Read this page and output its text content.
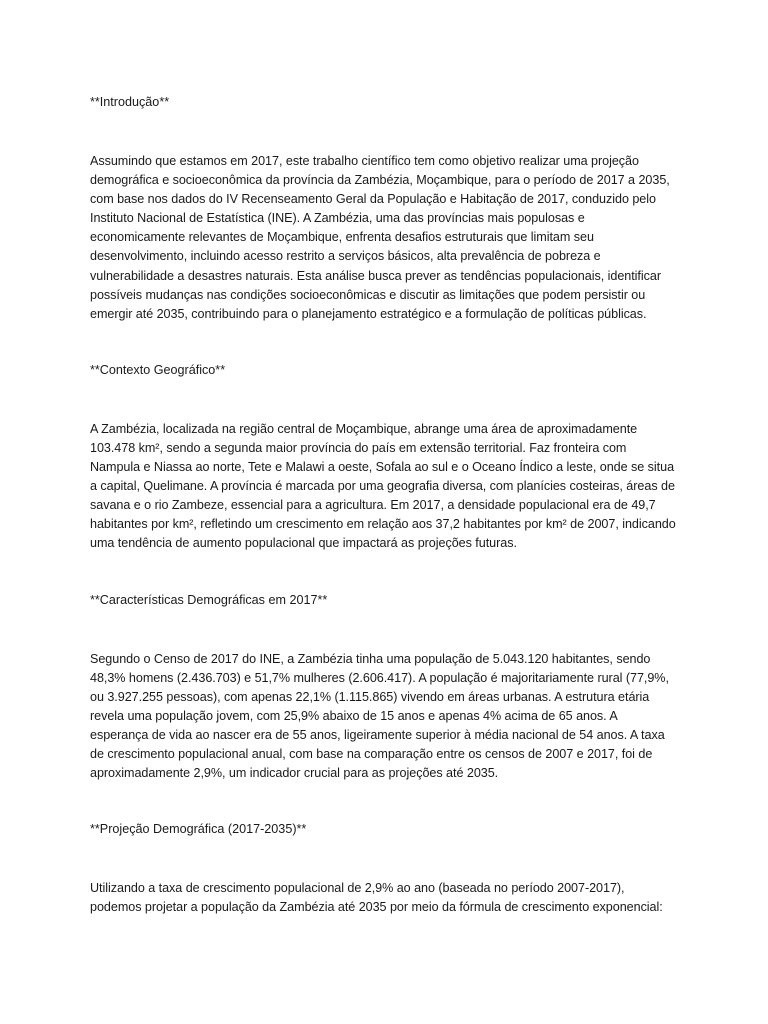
**Introdução**

Assumindo que estamos em 2017, este trabalho científico tem como objetivo realizar uma projeção demográfica e socioeconômica da província da Zambézia, Moçambique, para o período de 2017 a 2035, com base nos dados do IV Recenseamento Geral da População e Habitação de 2017, conduzido pelo Instituto Nacional de Estatística (INE). A Zambézia, uma das províncias mais populosas e economicamente relevantes de Moçambique, enfrenta desafios estruturais que limitam seu desenvolvimento, incluindo acesso restrito a serviços básicos, alta prevalência de pobreza e vulnerabilidade a desastres naturais. Esta análise busca prever as tendências populacionais, identificar possíveis mudanças nas condições socioeconômicas e discutir as limitações que podem persistir ou emergir até 2035, contribuindo para o planejamento estratégico e a formulação de políticas públicas.

**Contexto Geográfico**

A Zambézia, localizada na região central de Moçambique, abrange uma área de aproximadamente 103.478 km², sendo a segunda maior província do país em extensão territorial. Faz fronteira com Nampula e Niassa ao norte, Tete e Malawi a oeste, Sofala ao sul e o Oceano Índico a leste, onde se situa a capital, Quelimane. A província é marcada por uma geografia diversa, com planícies costeiras, áreas de savana e o rio Zambeze, essencial para a agricultura. Em 2017, a densidade populacional era de 49,7 habitantes por km², refletindo um crescimento em relação aos 37,2 habitantes por km² de 2007, indicando uma tendência de aumento populacional que impactará as projeções futuras.

**Características Demográficas em 2017**

Segundo o Censo de 2017 do INE, a Zambézia tinha uma população de 5.043.120 habitantes, sendo 48,3% homens (2.436.703) e 51,7% mulheres (2.606.417). A população é majoritariamente rural (77,9%, ou 3.927.255 pessoas), com apenas 22,1% (1.115.865) vivendo em áreas urbanas. A estrutura etária revela uma população jovem, com 25,9% abaixo de 15 anos e apenas 4% acima de 65 anos. A esperança de vida ao nascer era de 55 anos, ligeiramente superior à média nacional de 54 anos. A taxa de crescimento populacional anual, com base na comparação entre os censos de 2007 e 2017, foi de aproximadamente 2,9%, um indicador crucial para as projeções até 2035.

**Projeção Demográfica (2017-2035)**

Utilizando a taxa de crescimento populacional de 2,9% ao ano (baseada no período 2007-2017), podemos projetar a população da Zambézia até 2035 por meio da fórmula de crescimento exponencial:
